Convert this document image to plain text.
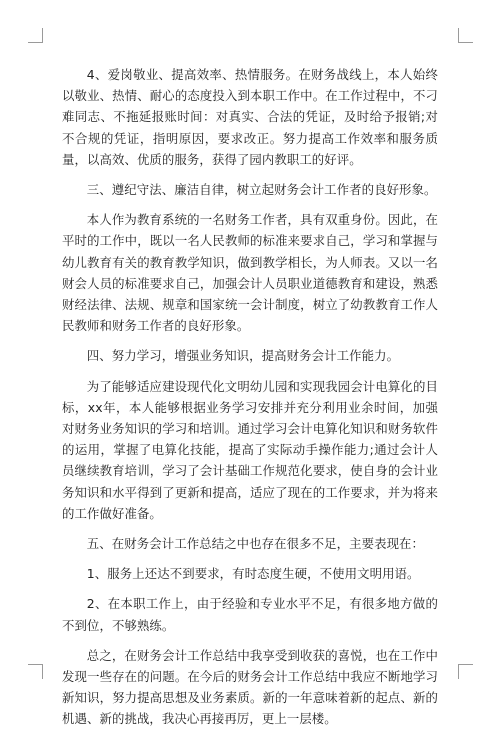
4、爱岗敬业、提高效率、热情服务。在财务战线上，本人始终以敬业、热情、耐心的态度投入到本职工作中。在工作过程中，不刁难同志、不拖延报账时间：对真实、合法的凭证，及时给予报销;对不合规的凭证，指明原因，要求改正。努力提高工作效率和服务质量，以高效、优质的服务，获得了园内教职工的好评。

三、遵纪守法、廉洁自律，树立起财务会计工作者的良好形象。

本人作为教育系统的一名财务工作者，具有双重身份。因此，在平时的工作中，既以一名人民教师的标准来要求自己，学习和掌握与幼儿教育有关的教育教学知识，做到教学相长，为人师表。又以一名财会人员的标准要求自己，加强会计人员职业道德教育和建设，熟悉财经法律、法规、规章和国家统一会计制度，树立了幼教教育工作人民教师和财务工作者的良好形象。

四、努力学习，增强业务知识，提高财务会计工作能力。

为了能够适应建设现代化文明幼儿园和实现我园会计电算化的目标，xx年，本人能够根据业务学习安排并充分利用业余时间，加强对财务业务知识的学习和培训。通过学习会计电算化知识和财务软件的运用，掌握了电算化技能，提高了实际动手操作能力;通过会计人员继续教育培训，学习了会计基础工作规范化要求，使自身的会计业务知识和水平得到了更新和提高，适应了现在的工作要求，并为将来的工作做好准备。

五、在财务会计工作总结之中也存在很多不足，主要表现在：

1、服务上还达不到要求，有时态度生硬，不使用文明用语。

2、在本职工作上，由于经验和专业水平不足，有很多地方做的不到位，不够熟练。

总之，在财务会计工作总结中我享受到收获的喜悦，也在工作中发现一些存在的问题。在今后的财务会计工作总结中我应不断地学习新知识，努力提高思想及业务素质。新的一年意味着新的起点、新的机遇、新的挑战，我决心再接再厉，更上一层楼。
